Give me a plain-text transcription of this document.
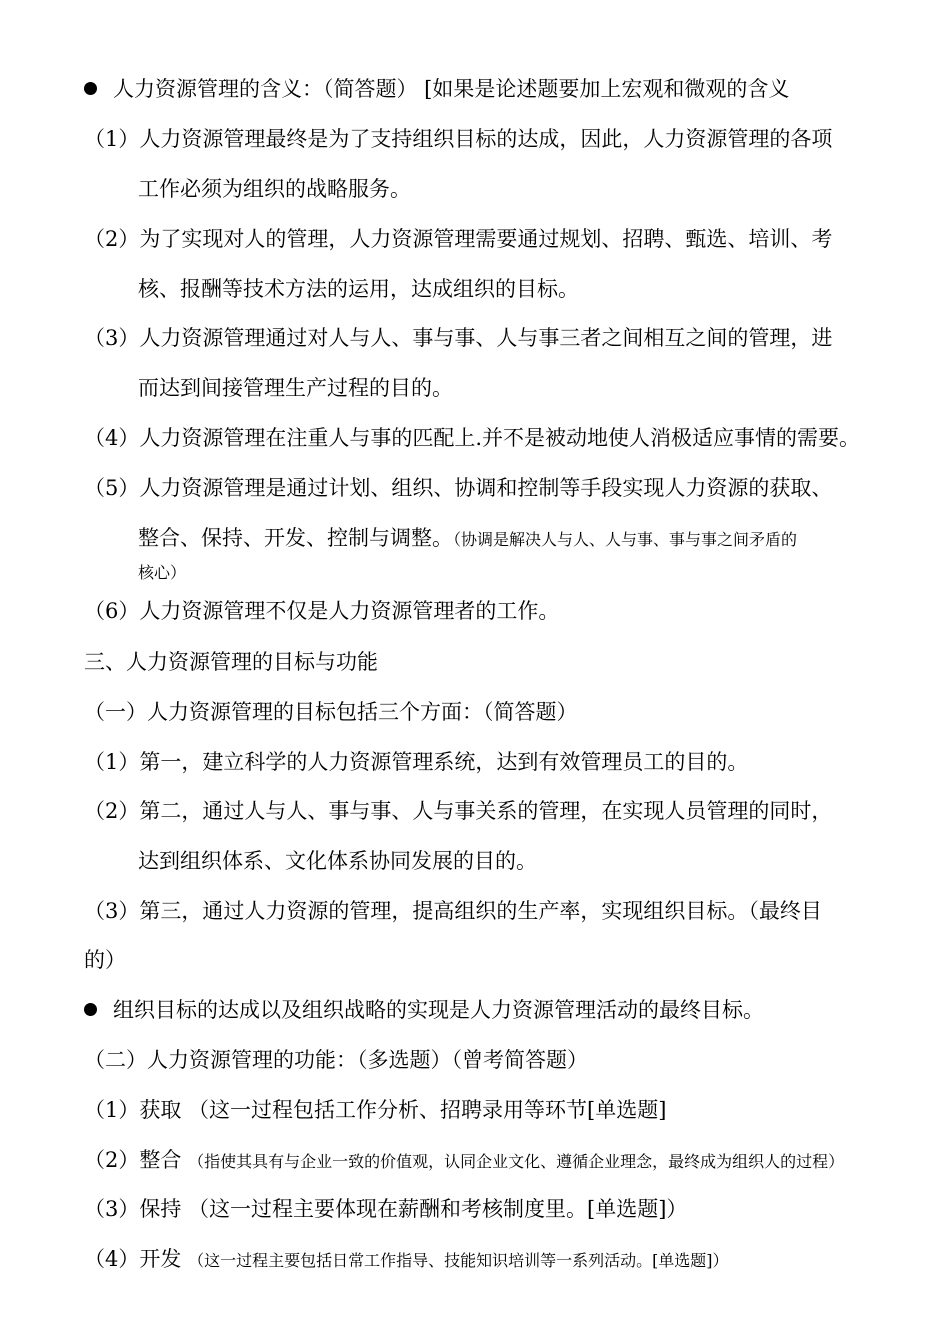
人力资源管理的含义：（简答题） [如果是论述题要加上宏观和微观的含义
（1）人力资源管理最终是为了支持组织目标的达成，因此，人力资源管理的各项
工作必须为组织的战略服务。
（2）为了实现对人的管理，人力资源管理需要通过规划、招聘、甄选、培训、考
核、报酬等技术方法的运用，达成组织的目标。
（3）人力资源管理通过对人与人、事与事、人与事三者之间相互之间的管理，进
而达到间接管理生产过程的目的。
（4）人力资源管理在注重人与事的匹配上.并不是被动地使人消极适应事情的需要。
（5）人力资源管理是通过计划、组织、协调和控制等手段实现人力资源的获取、
整合、保持、开发、控制与调整。（协调是解决人与人、人与事、事与事之间矛盾的
核心）
（6）人力资源管理不仅是人力资源管理者的工作。
三、人力资源管理的目标与功能
（一）人力资源管理的目标包括三个方面：（简答题）
（1）第一，建立科学的人力资源管理系统，达到有效管理员工的目的。
（2）第二，通过人与人、事与事、人与事关系的管理，在实现人员管理的同时，
达到组织体系、文化体系协同发展的目的。
（3）第三，通过人力资源的管理，提高组织的生产率，实现组织目标。（最终目
的）
组织目标的达成以及组织战略的实现是人力资源管理活动的最终目标。
（二）人力资源管理的功能：（多选题）（曾考简答题）
（1）获取 （这一过程包括工作分析、招聘录用等环节[单选题]
（2）整合 （指使其具有与企业一致的价值观，认同企业文化、遵循企业理念，最终成为组织人的过程）
（3）保持 （这一过程主要体现在薪酬和考核制度里。[单选题]）
（4）开发 （这一过程主要包括日常工作指导、技能知识培训等一系列活动。[单选题]）
